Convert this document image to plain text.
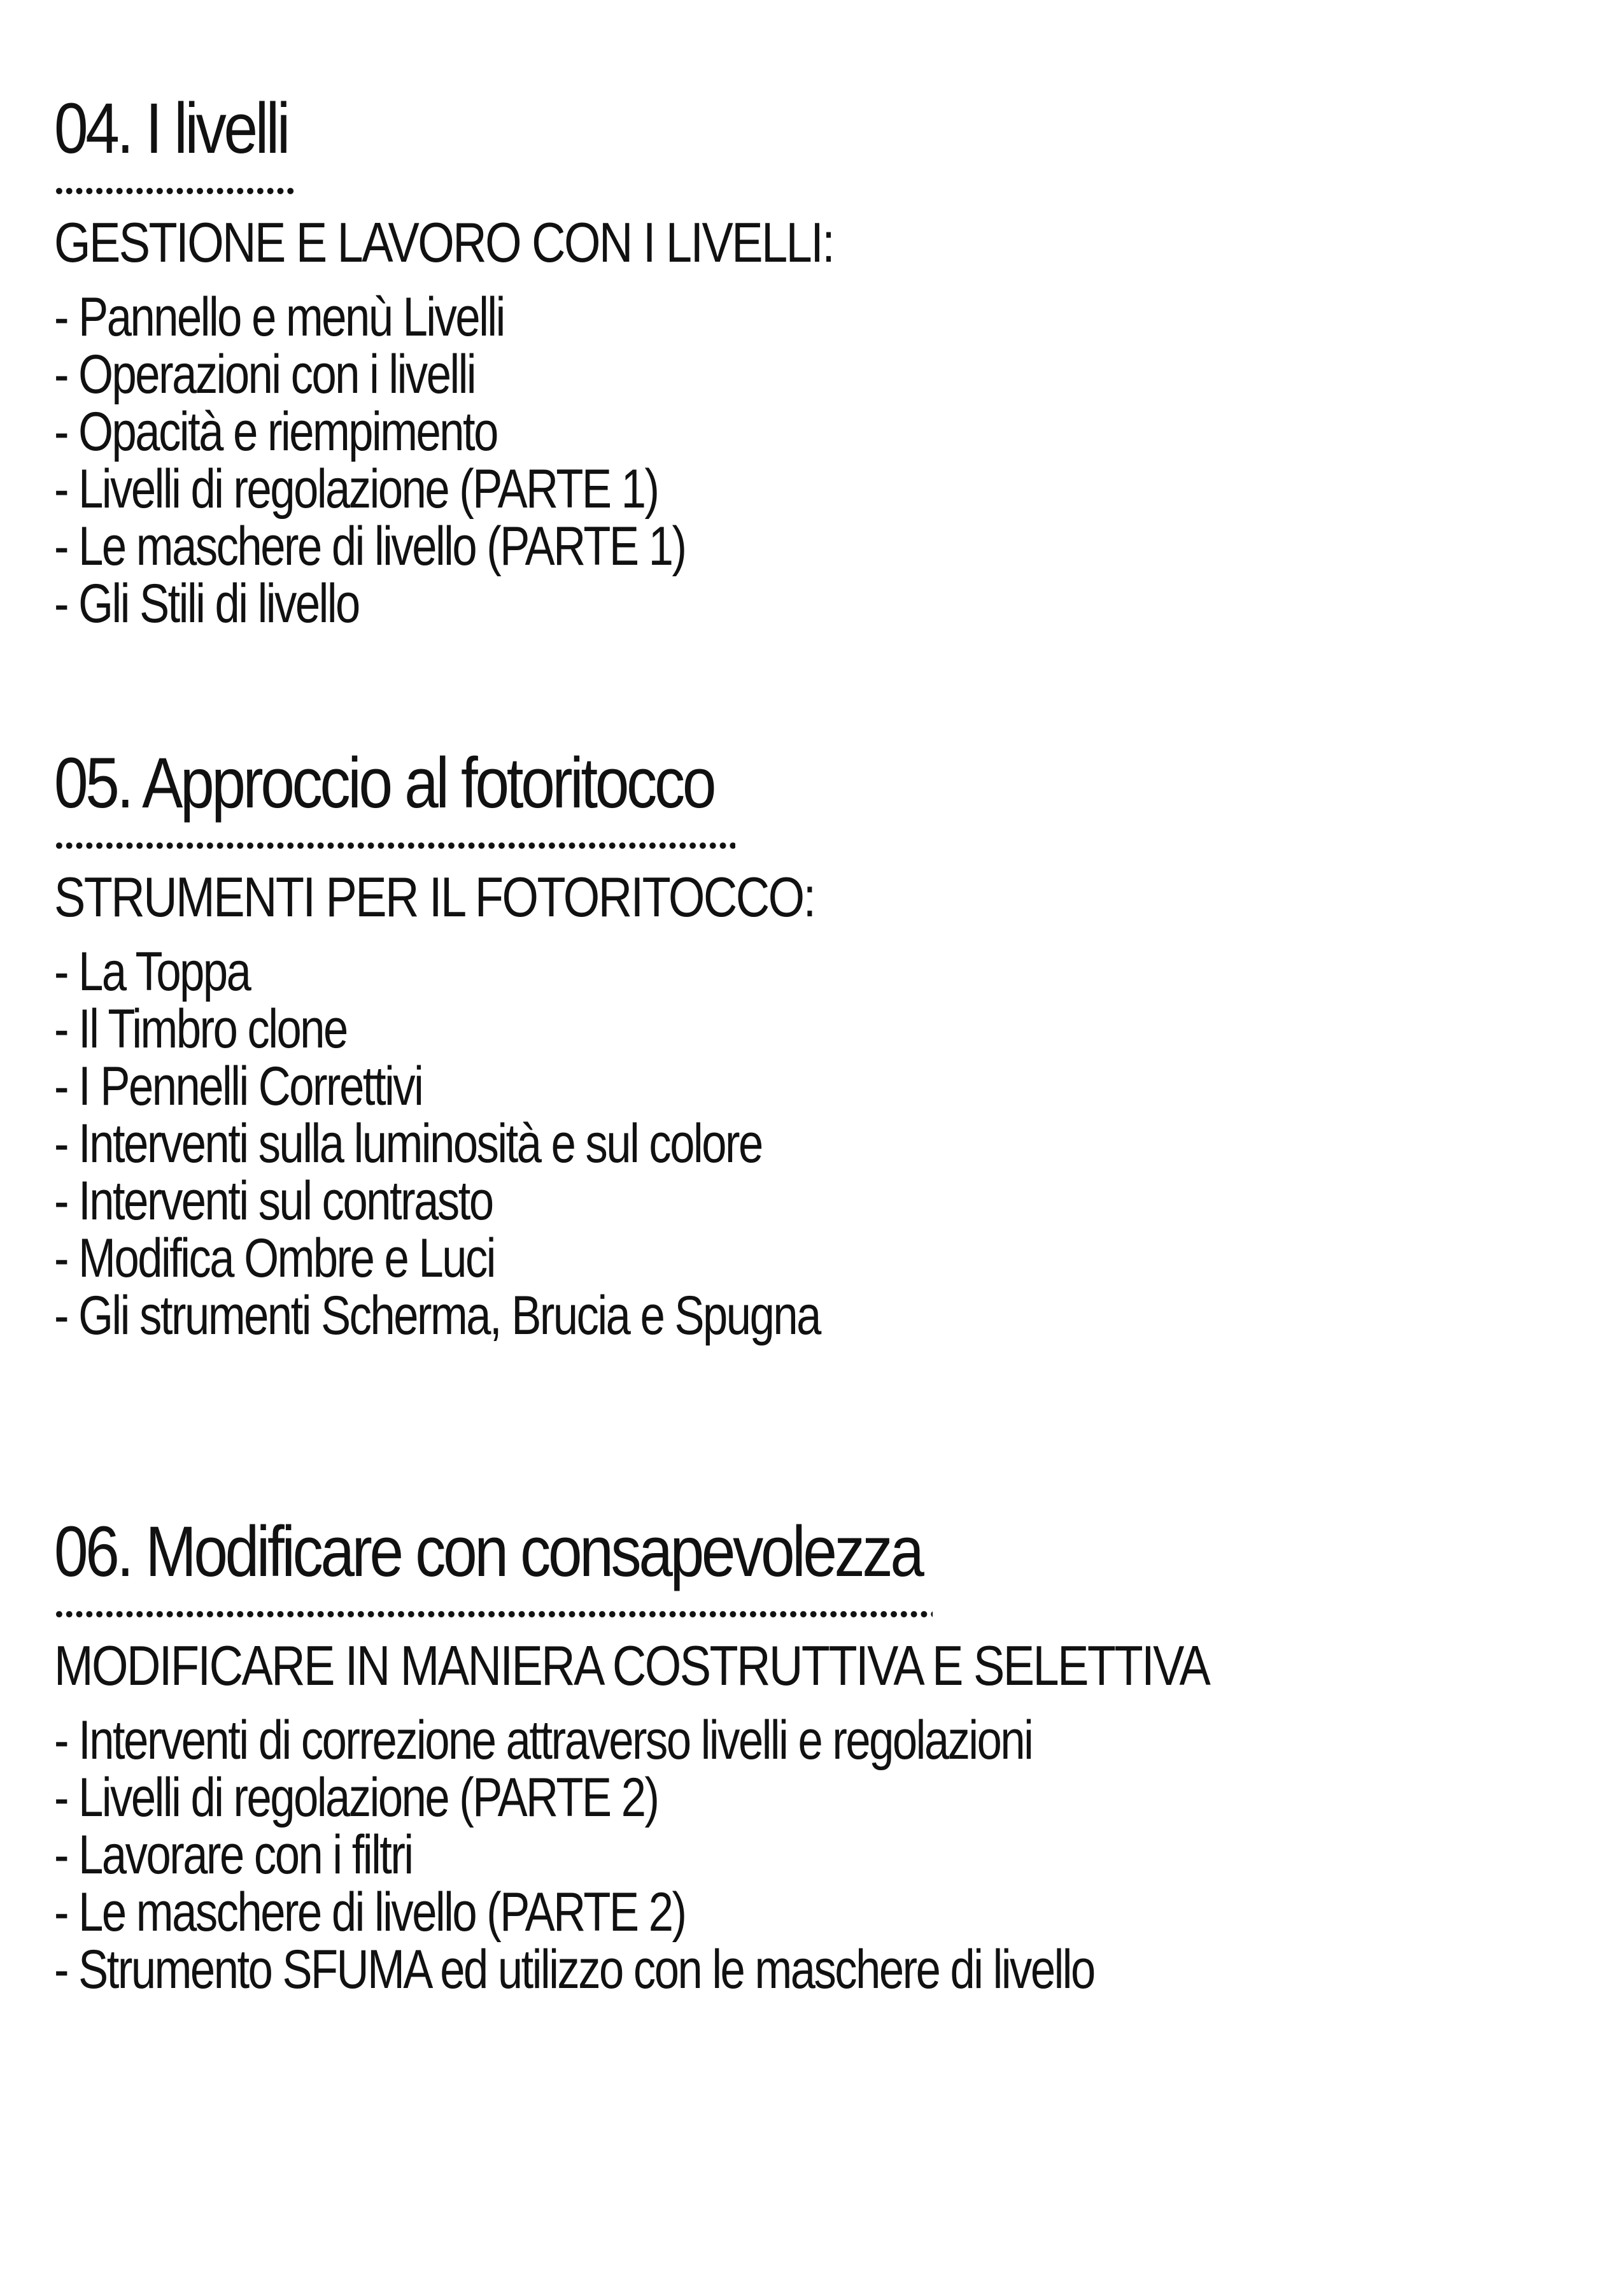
04. I livelli
GESTIONE E LAVORO CON I LIVELLI:
- Pannello e menù Livelli
- Operazioni con i livelli
- Opacità e riempimento
- Livelli di regolazione (PARTE 1)
- Le maschere di livello (PARTE 1)
- Gli Stili di livello
05. Approccio al fotoritocco
STRUMENTI PER IL FOTORITOCCO:
- La Toppa
- Il Timbro clone
- I Pennelli Correttivi
- Interventi sulla luminosità e sul colore
- Interventi sul contrasto
- Modifica Ombre e Luci
- Gli strumenti Scherma, Brucia e Spugna
06. Modificare con consapevolezza
MODIFICARE IN MANIERA COSTRUTTIVA E SELETTIVA
- Interventi di correzione attraverso livelli e regolazioni
- Livelli di regolazione (PARTE 2)
- Lavorare con i filtri
- Le maschere di livello (PARTE 2)
- Strumento SFUMA ed utilizzo con le maschere di livello
